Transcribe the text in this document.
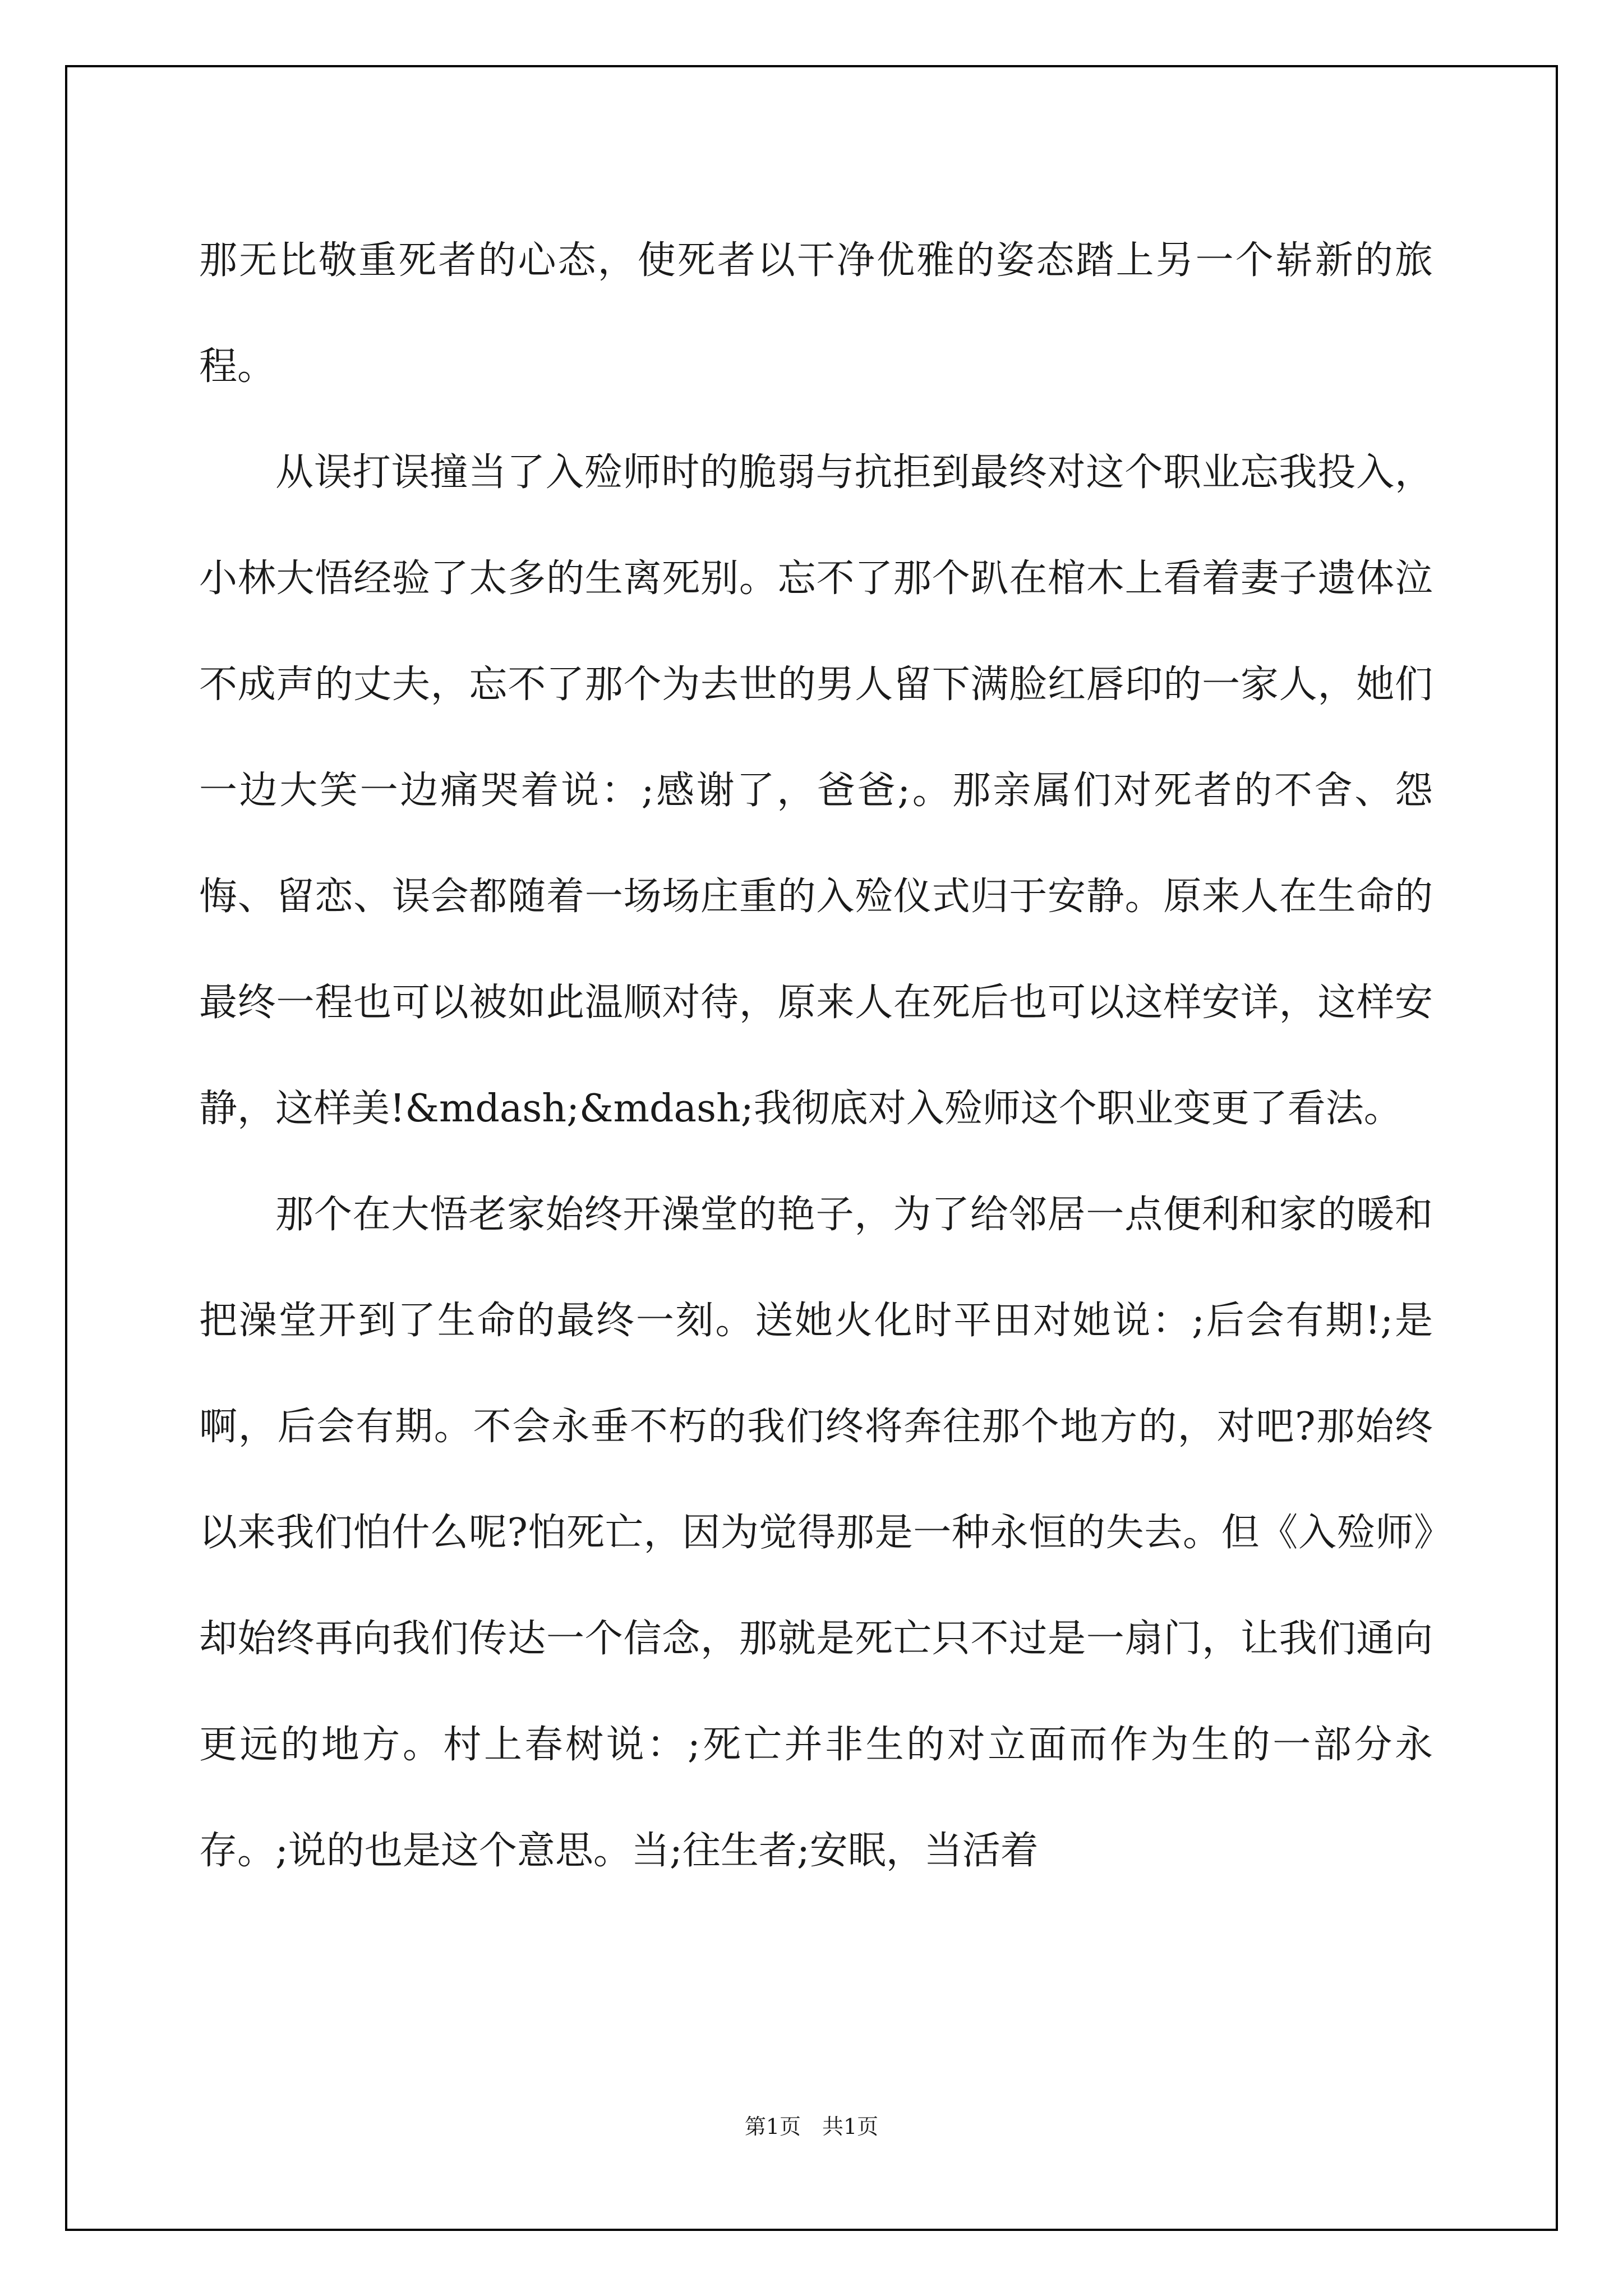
那无比敬重死者的心态，使死者以干净优雅的姿态踏上另一个崭新的旅程。

从误打误撞当了入殓师时的脆弱与抗拒到最终对这个职业忘我投入，小林大悟经验了太多的生离死别。忘不了那个趴在棺木上看着妻子遗体泣不成声的丈夫，忘不了那个为去世的男人留下满脸红唇印的一家人，她们一边大笑一边痛哭着说：;感谢了，爸爸;。那亲属们对死者的不舍、怨悔、留恋、误会都随着一场场庄重的入殓仪式归于安静。原来人在生命的最终一程也可以被如此温顺对待，原来人在死后也可以这样安详，这样安静，这样美!&mdash;&mdash;我彻底对入殓师这个职业变更了看法。

那个在大悟老家始终开澡堂的艳子，为了给邻居一点便利和家的暖和把澡堂开到了生命的最终一刻。送她火化时平田对她说：;后会有期!;是啊，后会有期。不会永垂不朽的我们终将奔往那个地方的，对吧?那始终以来我们怕什么呢?怕死亡，因为觉得那是一种永恒的失去。但《入殓师》却始终再向我们传达一个信念，那就是死亡只不过是一扇门，让我们通向更远的地方。村上春树说：;死亡并非生的对立面而作为生的一部分永存。;说的也是这个意思。当;往生者;安眠，当活着

第1页　共1页
